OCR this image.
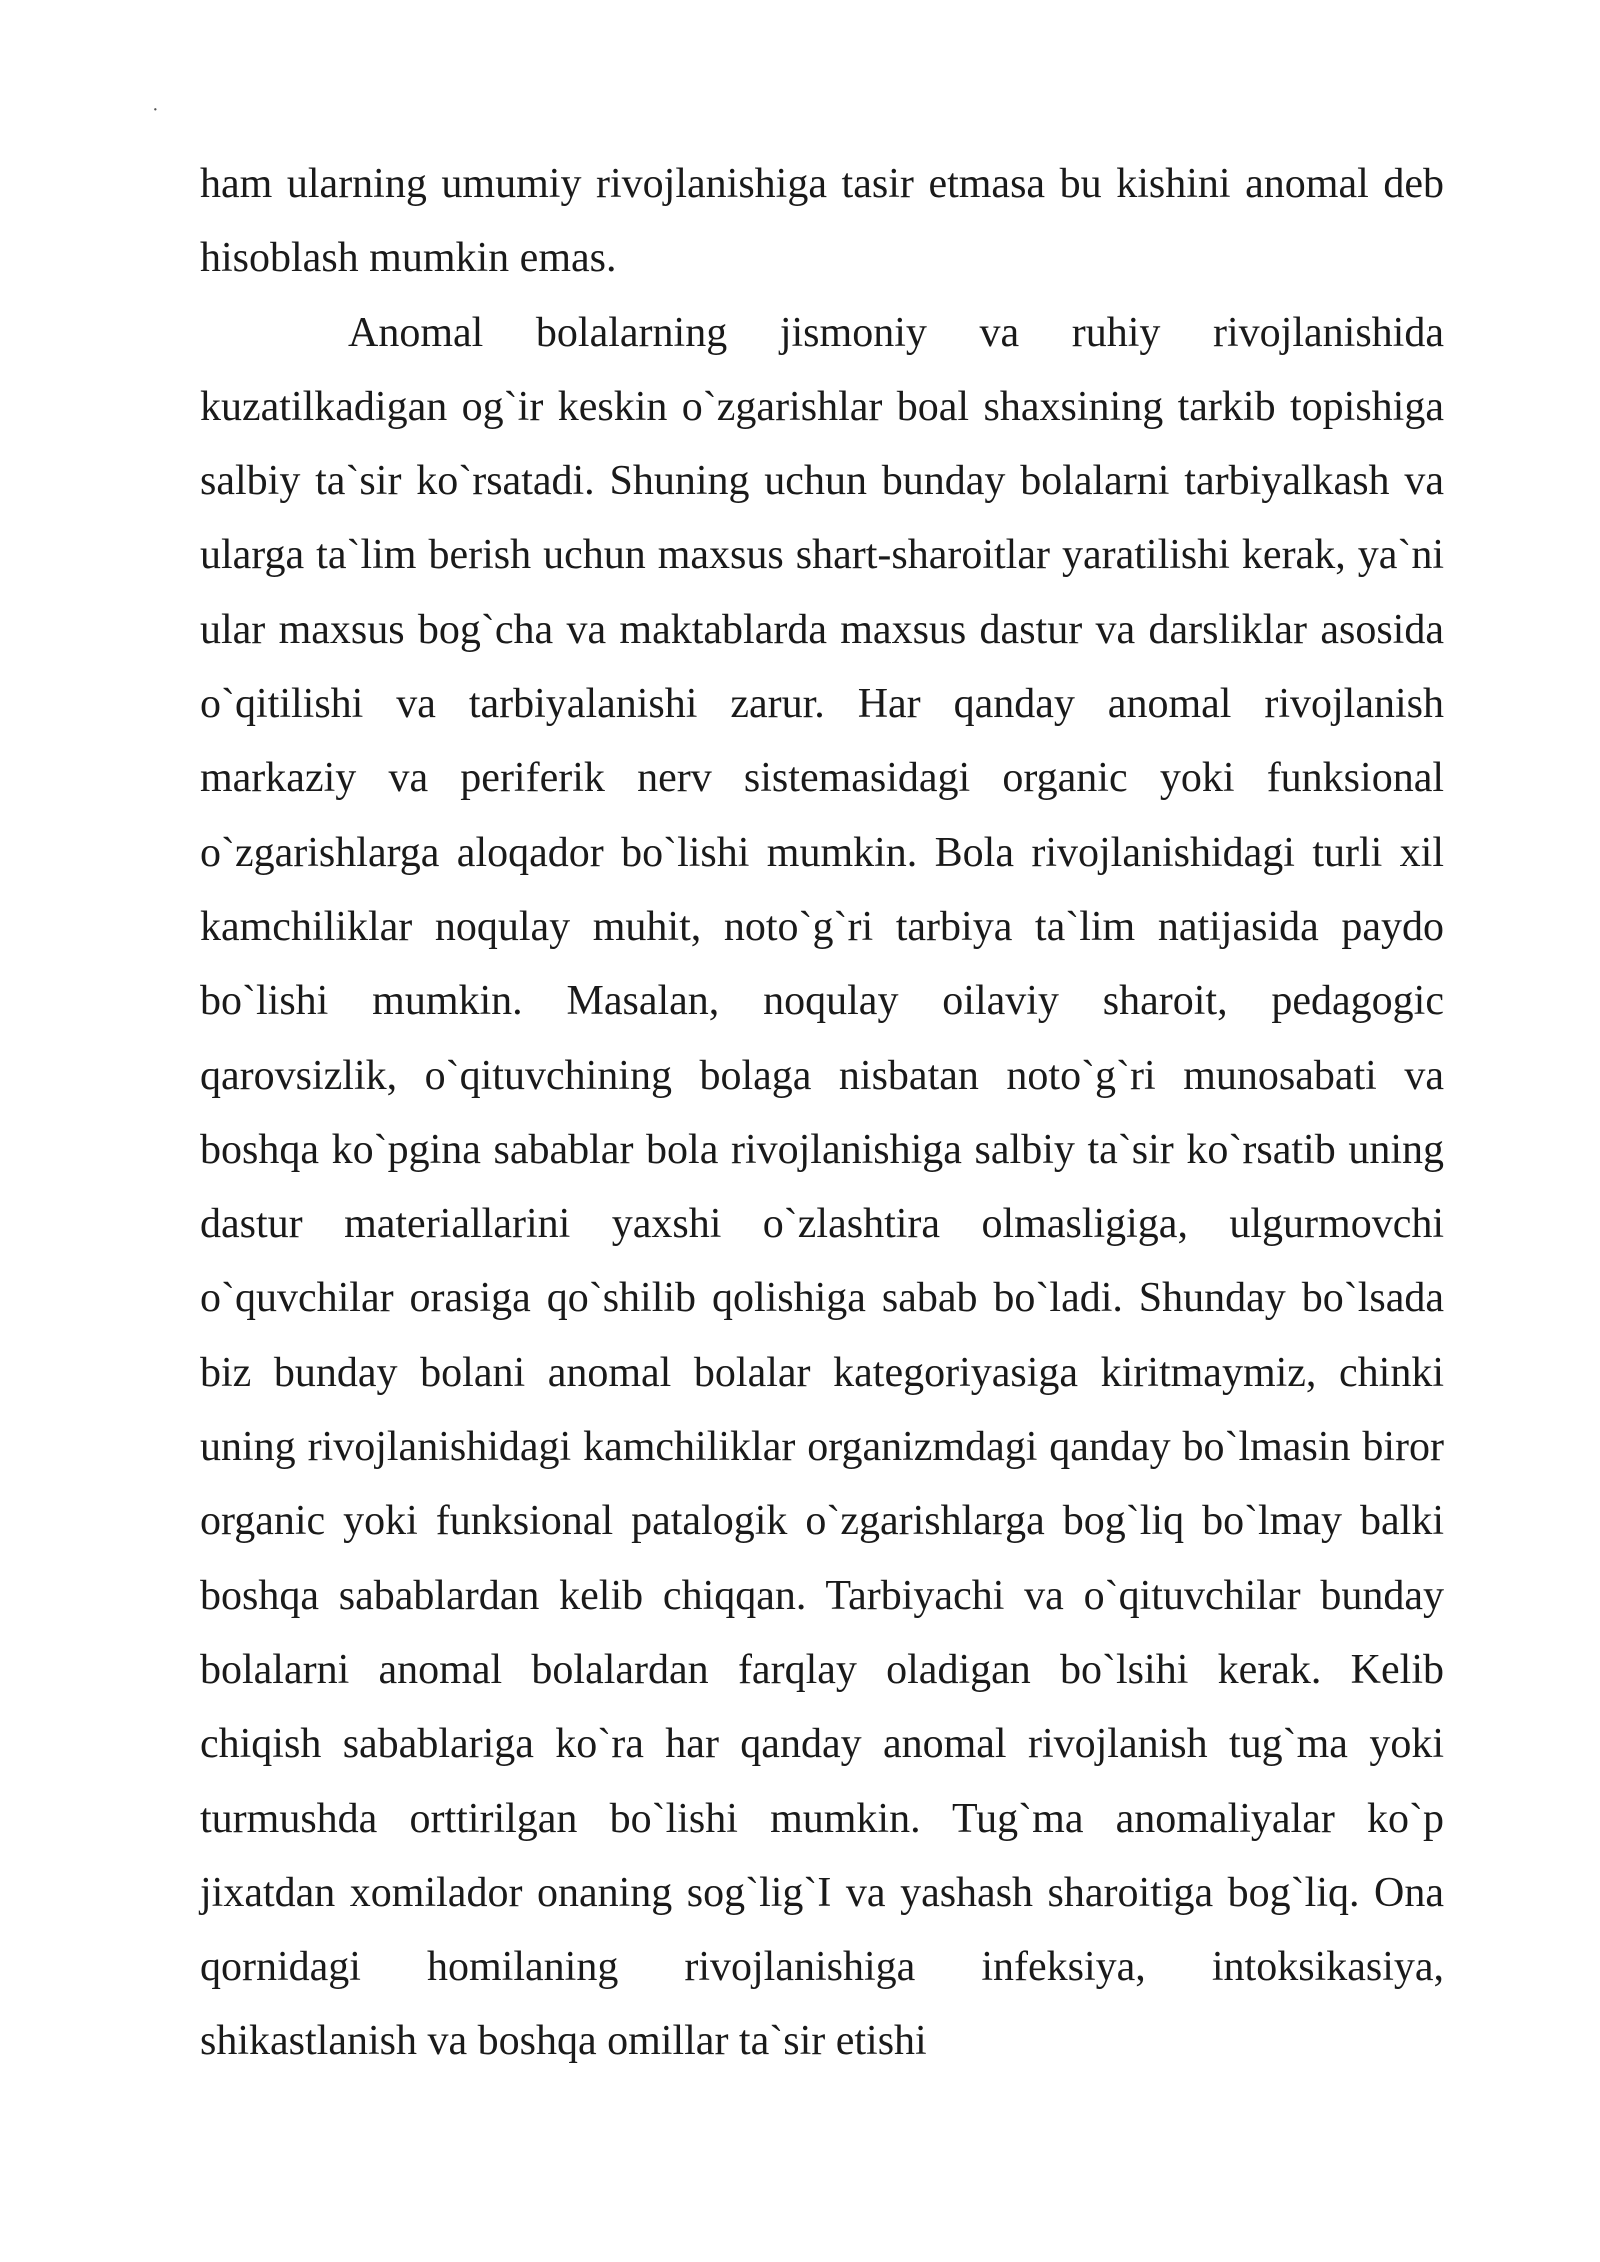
·

ham ularning umumiy rivojlanishiga tasir etmasa bu kishini anomal deb hisoblash mumkin emas.

Anomal bolalarning jismoniy va ruhiy rivojlanishida kuzatilkadigan og`ir keskin o`zgarishlar boal shaxsining tarkib topishiga salbiy ta`sir ko`rsatadi. Shuning uchun bunday bolalarni tarbiyalkash va ularga ta`lim berish uchun maxsus shart-sharoitlar yaratilishi kerak, ya`ni ular maxsus bog`cha va maktablarda maxsus dastur va darsliklar asosida o`qitilishi va tarbiyalanishi zarur. Har qanday anomal rivojlanish markaziy va periferik nerv sistemasidagi organic yoki funksional o`zgarishlarga aloqador bo`lishi mumkin. Bola rivojlanishidagi turli xil kamchiliklar noqulay muhit, noto`g`ri tarbiya ta`lim natijasida paydo bo`lishi mumkin. Masalan, noqulay oilaviy sharoit, pedagogic qarovsizlik, o`qituvchining bolaga nisbatan noto`g`ri munosabati va boshqa ko`pgina sabablar bola rivojlanishiga salbiy ta`sir ko`rsatib uning dastur materiallarini yaxshi o`zlashtira olmasligiga, ulgurmovchi o`quvchilar orasiga qo`shilib qolishiga sabab bo`ladi. Shunday bo`lsada biz bunday bolani anomal bolalar kategoriyasiga kiritmaymiz, chinki uning rivojlanishidagi kamchiliklar organizmdagi qanday bo`lmasin biror organic yoki funksional patalogik o`zgarishlarga bog`liq bo`lmay balki boshqa sabablardan kelib chiqqan. Tarbiyachi va o`qituvchilar bunday bolalarni anomal bolalardan farqlay oladigan bo`lsihi kerak. Kelib chiqish sabablariga ko`ra har qanday anomal rivojlanish tug`ma yoki turmushda orttirilgan bo`lishi mumkin. Tug`ma anomaliyalar ko`p jixatdan xomilador onaning sog`lig`I va yashash sharoitiga bog`liq. Ona qornidagi homilaning rivojlanishiga infeksiya, intoksikasiya, shikastlanish va boshqa omillar ta`sir etishi
